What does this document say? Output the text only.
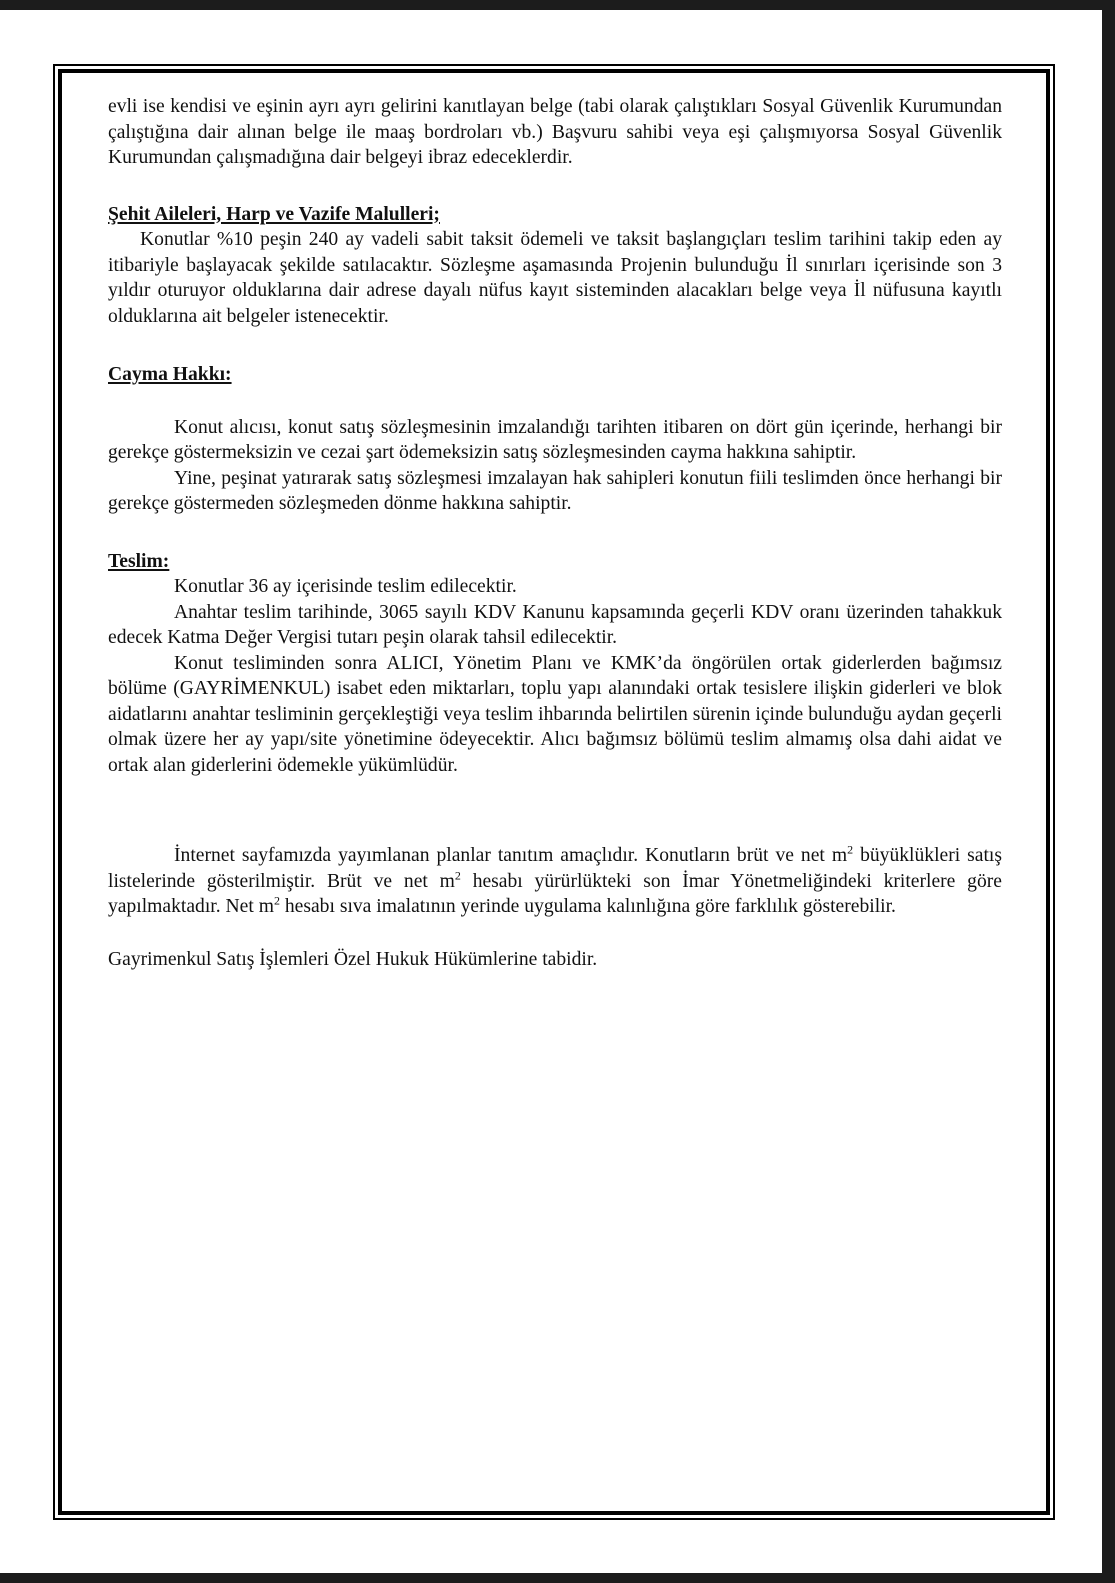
evli ise kendisi ve eşinin ayrı ayrı gelirini kanıtlayan belge (tabi olarak çalıştıkları Sosyal Güvenlik Kurumundan çalıştığına dair alınan belge ile maaş bordroları vb.) Başvuru sahibi veya eşi çalışmıyorsa Sosyal Güvenlik Kurumundan çalışmadığına dair belgeyi ibraz edeceklerdir.

Şehit Aileleri, Harp ve Vazife Malulleri;

Konutlar %10 peşin 240 ay vadeli sabit taksit ödemeli ve taksit başlangıçları teslim tarihini takip eden ay itibariyle başlayacak şekilde satılacaktır. Sözleşme aşamasında Projenin bulunduğu İl sınırları içerisinde son 3 yıldır oturuyor olduklarına dair adrese dayalı nüfus kayıt sisteminden alacakları belge veya İl nüfusuna kayıtlı olduklarına ait belgeler istenecektir.

Cayma Hakkı:

Konut alıcısı, konut satış sözleşmesinin imzalandığı tarihten itibaren on dört gün içerinde, herhangi bir gerekçe göstermeksizin ve cezai şart ödemeksizin satış sözleşmesinden cayma hakkına sahiptir.

Yine, peşinat yatırarak satış sözleşmesi imzalayan hak sahipleri konutun fiili teslimden önce herhangi bir gerekçe göstermeden sözleşmeden dönme hakkına sahiptir.

Teslim:

Konutlar 36 ay içerisinde teslim edilecektir.

Anahtar teslim tarihinde, 3065 sayılı KDV Kanunu kapsamında geçerli KDV oranı üzerinden tahakkuk edecek Katma Değer Vergisi tutarı peşin olarak tahsil edilecektir.

Konut tesliminden sonra ALICI, Yönetim Planı ve KMK’da öngörülen ortak giderlerden bağımsız bölüme (GAYRİMENKUL) isabet eden miktarları, toplu yapı alanındaki ortak tesislere ilişkin giderleri ve blok aidatlarını anahtar tesliminin gerçekleştiği veya teslim ihbarında belirtilen sürenin içinde bulunduğu aydan geçerli olmak üzere her ay yapı/site yönetimine ödeyecektir. Alıcı bağımsız bölümü teslim almamış olsa dahi aidat ve ortak alan giderlerini ödemekle yükümlüdür.

İnternet sayfamızda yayımlanan planlar tanıtım amaçlıdır. Konutların brüt ve net $m^2$ büyüklükleri satış listelerinde gösterilmiştir. Brüt ve net $m^2$ hesabı yürürlükteki son İmar Yönetmeliğindeki kriterlere göre yapılmaktadır. Net $m^2$ hesabı sıva imalatının yerinde uygulama kalınlığına göre farklılık gösterebilir.

Gayrimenkul Satış İşlemleri Özel Hukuk Hükümlerine tabidir.
